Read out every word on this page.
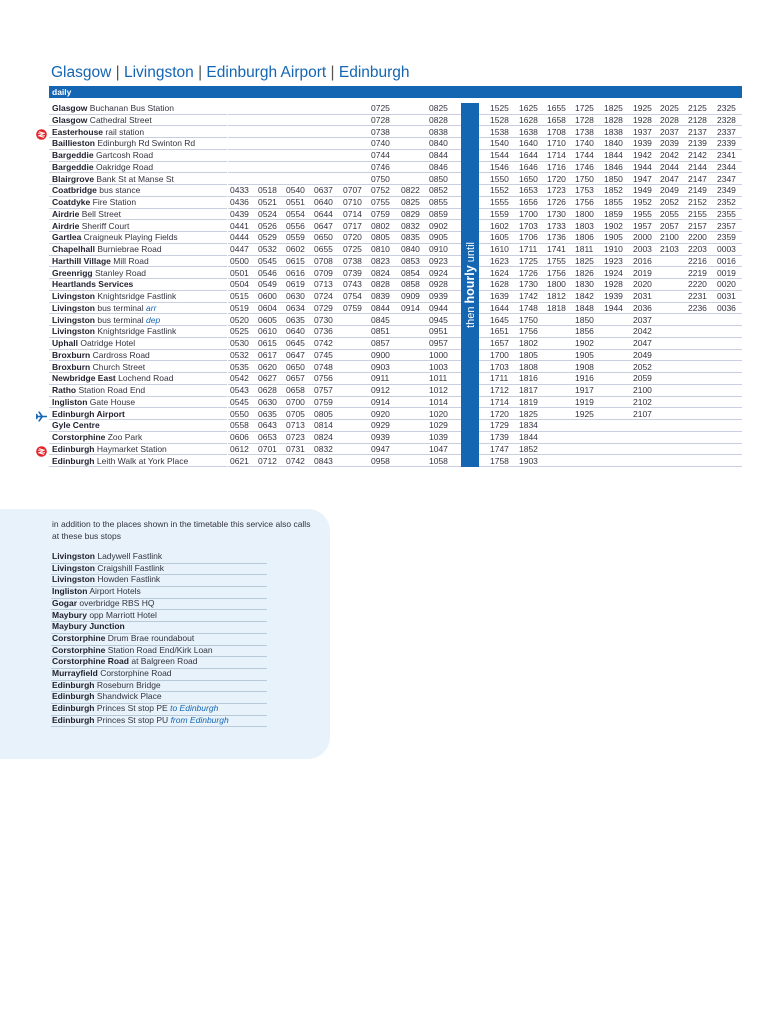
Glasgow | Livingston | Edinburgh Airport | Edinburgh
daily
Glasgow Buchanan Bus Station	0725	0825	1525 1625 1655 1725 1825 1925 2025 2125 2325
Glasgow Cathedral Street	0728	0828	1528 1628 1658 1728 1828 1928 2028 2128 2328
Easterhouse rail station	0738	0838	1538 1638 1708 1738 1838 1937 2037 2137 2337
Baillieston Edinburgh Rd Swinton Rd	0740	0840	1540 1640 1710 1740 1840 1939 2039 2139 2339
Bargeddie Gartcosh Road	0744	0844	1544 1644 1714 1744 1844 1942 2042 2142 2341
Bargeddie Oakridge Road	0746	0846	1546 1646 1716 1746 1846 1944 2044 2144 2344
Blairgrove Bank St at Manse St	0750	0850	1550 1650 1720 1750 1850 1947 2047 2147 2347
Coatbridge bus stance	0433 0518 0540 0637 0707 0752 0822 0852	1552 1653 1723 1753 1852 1949 2049 2149 2349
Coatdyke Fire Station	0436 0521 0551 0640 0710 0755 0825 0855	1555 1656 1726 1756 1855 1952 2052 2152 2352
Airdrie Bell Street	0439 0524 0554 0644 0714 0759 0829 0859	1559 1700 1730 1800 1859 1955 2055 2155 2355
Airdrie Sheriff Court	0441 0526 0556 0647 0717 0802 0832 0902	1602 1703 1733 1803 1902 1957 2057 2157 2357
Gartlea Craigneuk Playing Fields	0444 0529 0559 0650 0720 0805 0835 0905	1605 1706 1736 1806 1905 2000 2100 2200 2359
Chapelhall Burniebrae Road	0447 0532 0602 0655 0725 0810 0840 0910	1610 1711 1741 1811 1910 2003 2103 2203 0003
Harthill Village Mill Road	0500 0545 0615 0708 0738 0823 0853 0923	1623 1725 1755 1825 1923 2016	2216 0016
Greenrigg Stanley Road	0501 0546 0616 0709 0739 0824 0854 0924	1624 1726 1756 1826 1924 2019	2219 0019
Heartlands Services	0504 0549 0619 0713 0743 0828 0858 0928	1628 1730 1800 1830 1928 2020	2220 0020
Livingston Knightsridge Fastlink	0515 0600 0630 0724 0754 0839 0909 0939	1639 1742 1812 1842 1939 2031	2231 0031
Livingston bus terminal arr	0519 0604 0634 0729 0759 0844 0914 0944	1644 1748 1818 1848 1944 2036	2236 0036
Livingston bus terminal dep	0520 0605 0635 0730	0845	0945	1645 1750	1850	2037
Livingston Knightsridge Fastlink	0525 0610 0640 0736	0851	0951	1651 1756	1856	2042
Uphall Oatridge Hotel	0530 0615 0645 0742	0857	0957	1657 1802	1902	2047
Broxburn Cardross Road	0532 0617 0647 0745	0900	1000	1700 1805	1905	2049
Broxburn Church Street	0535 0620 0650 0748	0903	1003	1703 1808	1908	2052
Newbridge East Lochend Road	0542 0627 0657 0756	0911	1011	1711 1816	1916	2059
Ratho Station Road End	0543 0628 0658 0757	0912	1012	1712 1817	1917	2100
Ingliston Gate House	0545 0630 0700 0759	0914	1014	1714 1819	1919	2102
Edinburgh Airport	0550 0635 0705 0805	0920	1020	1720 1825	1925	2107
Gyle Centre	0558 0643 0713 0814	0929	1029	1729 1834
Corstorphine Zoo Park	0606 0653 0723 0824	0939	1039	1739 1844
Edinburgh Haymarket Station	0612 0701 0731 0832	0947	1047	1747 1852
Edinburgh Leith Walk at York Place	0621 0712 0742 0843	0958	1058	1758 1903
then hourly until
in addition to the places shown in the timetable this service also calls at these bus stops
Livingston Ladywell Fastlink
Livingston Craigshill Fastlink
Livingston Howden Fastlink
Ingliston Airport Hotels
Gogar overbridge RBS HQ
Maybury opp Marriott Hotel
Maybury Junction
Corstorphine Drum Brae roundabout
Corstorphine Station Road End/Kirk Loan
Corstorphine Road at Balgreen Road
Murrayfield Corstorphine Road
Edinburgh Roseburn Bridge
Edinburgh Shandwick Place
Edinburgh Princes St stop PE to Edinburgh
Edinburgh Princes St stop PU from Edinburgh
